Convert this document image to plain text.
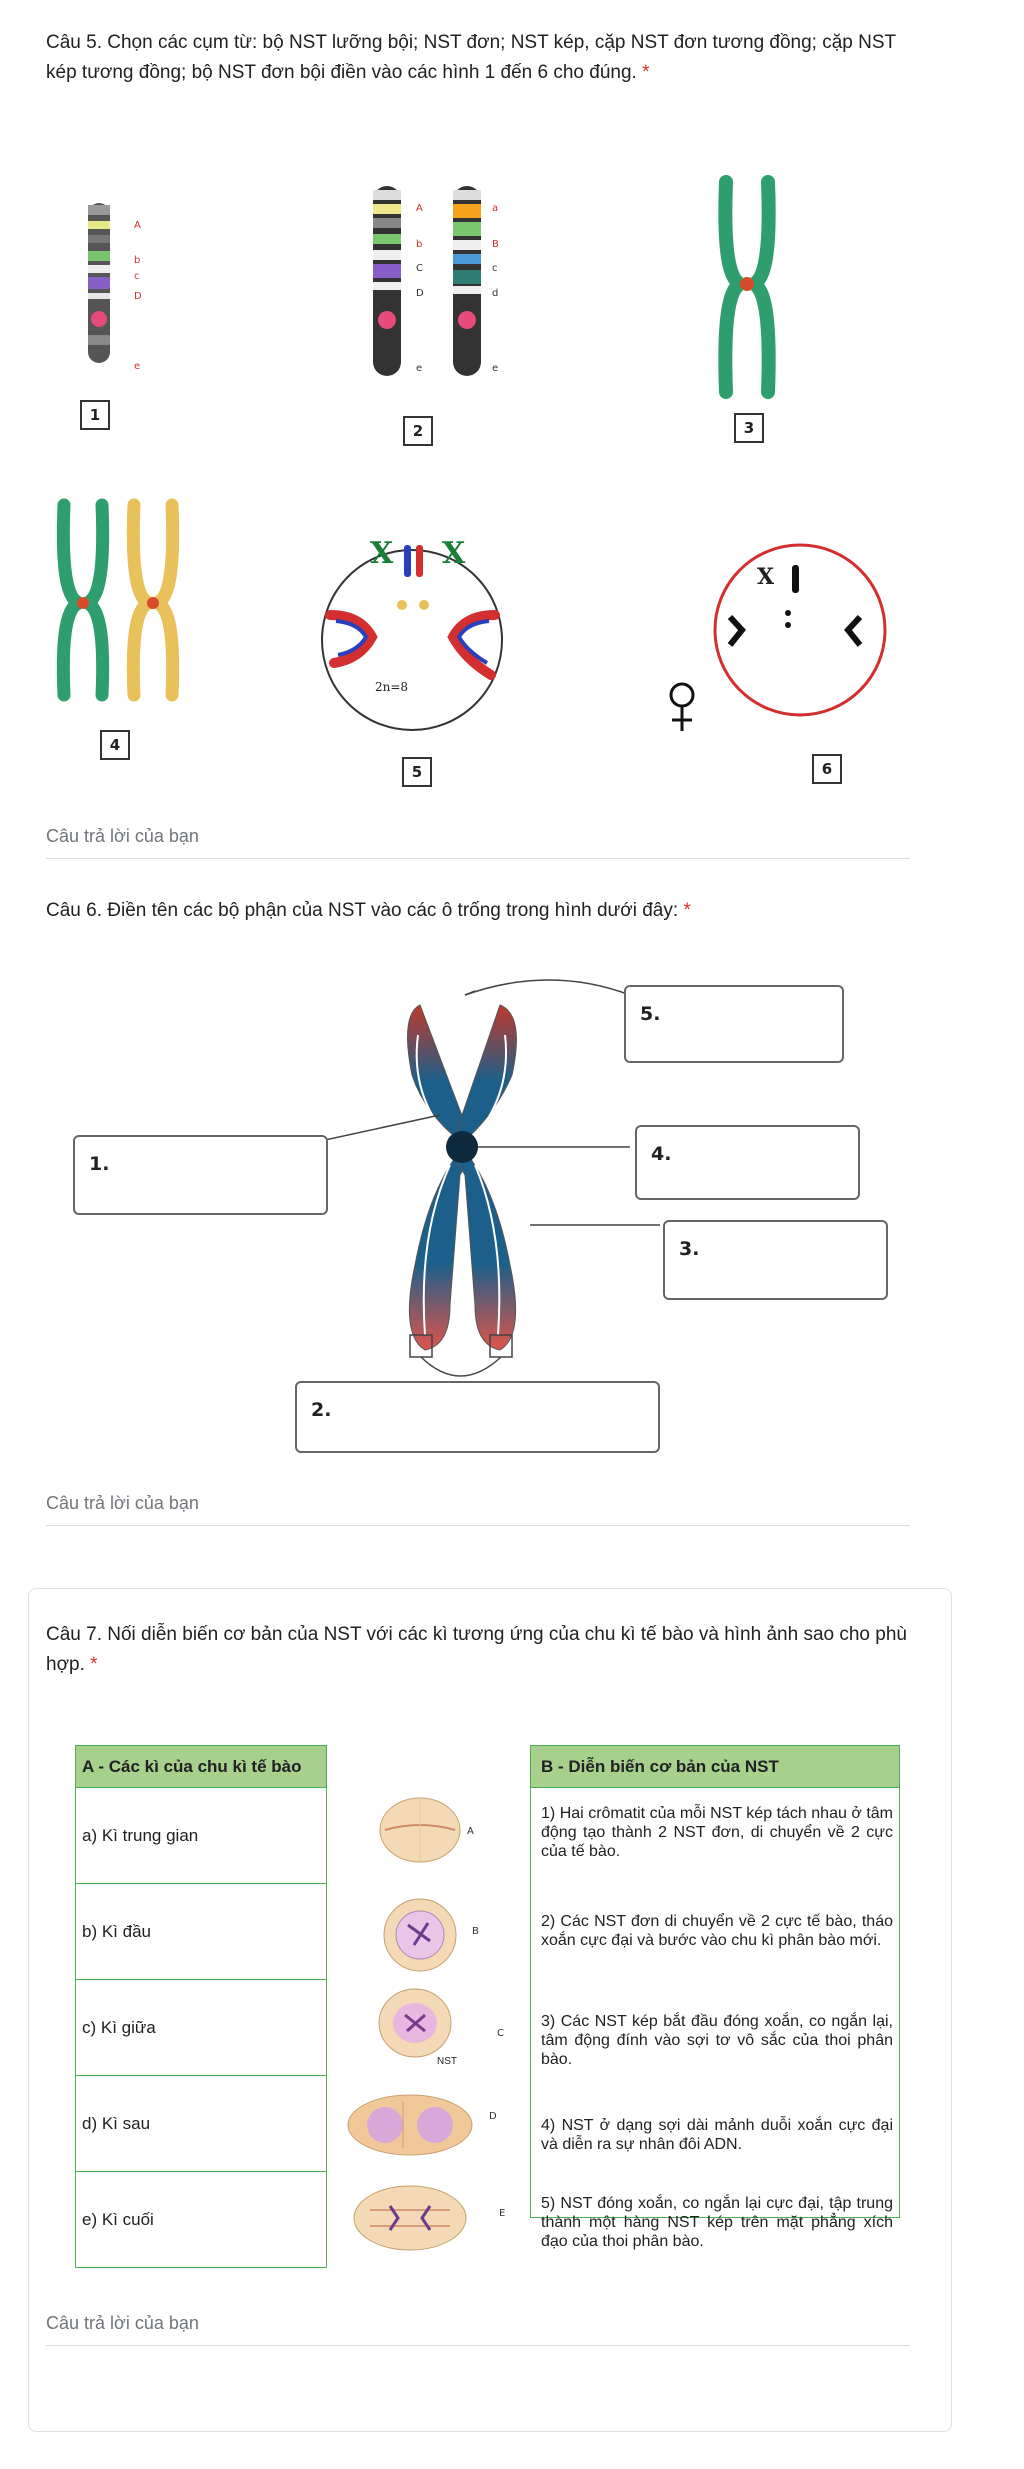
Câu 5. Chọn các cụm từ: bộ NST lưỡng bội; NST đơn; NST kép, cặp NST đơn tương đồng; cặp NST kép tương đồng; bộ NST đơn bội điền vào các hình 1 đến 6 cho đúng. *
A
b
c
D
e
1
A
b
C
D
e
a
B
c
d
e
2	3
4
X X
2n=8
5
X
6
Câu trả lời của bạn
Câu 6. Điền tên các bộ phận của NST vào các ô trống trong hình dưới đây: *
5.
1.	4.
3.
2.
Câu trả lời của bạn
Câu 7. Nối diễn biến cơ bản của NST với các kì tương ứng của chu kì tế bào và hình ảnh sao cho phù hợp. *
A - Các kì của chu kì tế bào
a) Kì trung gian
b) Kì đầu
c) Kì giữa
d) Kì sau
e) Kì cuối
NST
A
B
C
D
E
B - Diễn biến cơ bản của NST
1) Hai crômatit của mỗi NST kép tách nhau ở tâm động tạo thành 2 NST đơn, di chuyển về 2 cực của tế bào.
2) Các NST đơn di chuyển về 2 cực tế bào, tháo xoắn cực đại và bước vào chu kì phân bào mới.
3) Các NST kép bắt đầu đóng xoắn, co ngắn lại, tâm động đính vào sợi tơ vô sắc của thoi phân bào.
4) NST ở dạng sợi dài mảnh duỗi xoắn cực đại và diễn ra sự nhân đôi ADN.
5) NST đóng xoắn, co ngắn lại cực đại, tập trung thành một hàng NST kép trên mặt phẳng xích đạo của thoi phân bào.
Câu trả lời của bạn
